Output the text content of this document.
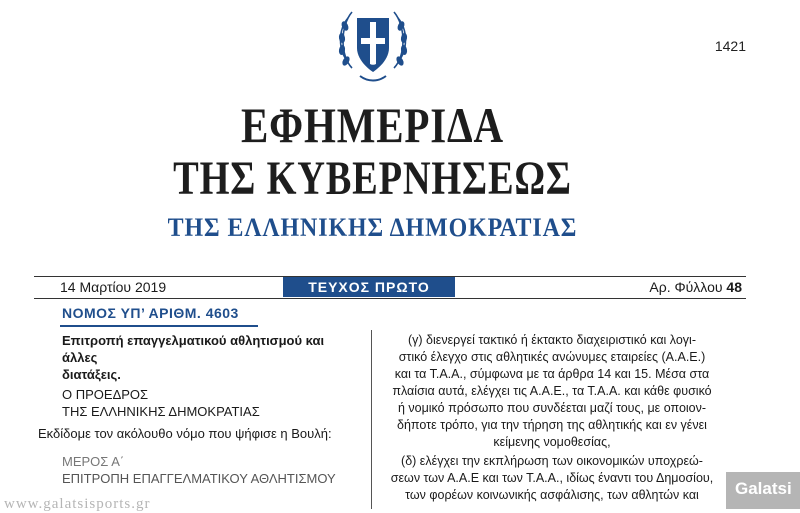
1421
ΕΦΗΜΕΡΙΔΑ
ΤΗΣ ΚΥΒΕΡΝΗΣΕΩΣ
ΤΗΣ ΕΛΛΗΝΙΚΗΣ ΔΗΜΟΚΡΑΤΙΑΣ
14 Μαρτίου 2019	ΤΕΥΧΟΣ ΠΡΩΤΟ	Αρ. Φύλλου 48
ΝΟΜΟΣ ΥΠ’ ΑΡΙΘΜ. 4603
Επιτροπή επαγγελματικού αθλητισμού και άλλες
διατάξεις.
Ο ΠΡΟΕΔΡΟΣ
ΤΗΣ ΕΛΛΗΝΙΚΗΣ ΔΗΜΟΚΡΑΤΙΑΣ
Εκδίδομε τον ακόλουθο νόμο που ψήφισε η Βουλή:
ΜΕΡΟΣ Α΄
ΕΠΙΤΡΟΠΗ ΕΠΑΓΓΕΛΜΑΤΙΚΟΥ ΑΘΛΗΤΙΣΜΟΥ
www.galatsisports.gr

(γ) διενεργεί τακτικό ή έκτακτο διαχειριστικό και λογι-
στικό έλεγχο στις αθλητικές ανώνυμες εταιρείες (Α.Α.Ε.)
και τα Τ.Α.Α., σύμφωνα με τα άρθρα 14 και 15. Μέσα στα
πλαίσια αυτά, ελέγχει τις Α.Α.Ε., τα Τ.Α.Α. και κάθε φυσικό
ή νομικό πρόσωπο που συνδέεται μαζί τους, με οποιον-
δήποτε τρόπο, για την τήρηση της αθλητικής και εν γένει
κείμενης νομοθεσίας,

(δ) ελέγχει την εκπλήρωση των οικονομικών υποχρεώ-
σεων των Α.Α.Ε και των Τ.Α.Α., ιδίως έναντι του Δημοσίου,
των φορέων κοινωνικής ασφάλισης, των αθλητών και	Galatsi
